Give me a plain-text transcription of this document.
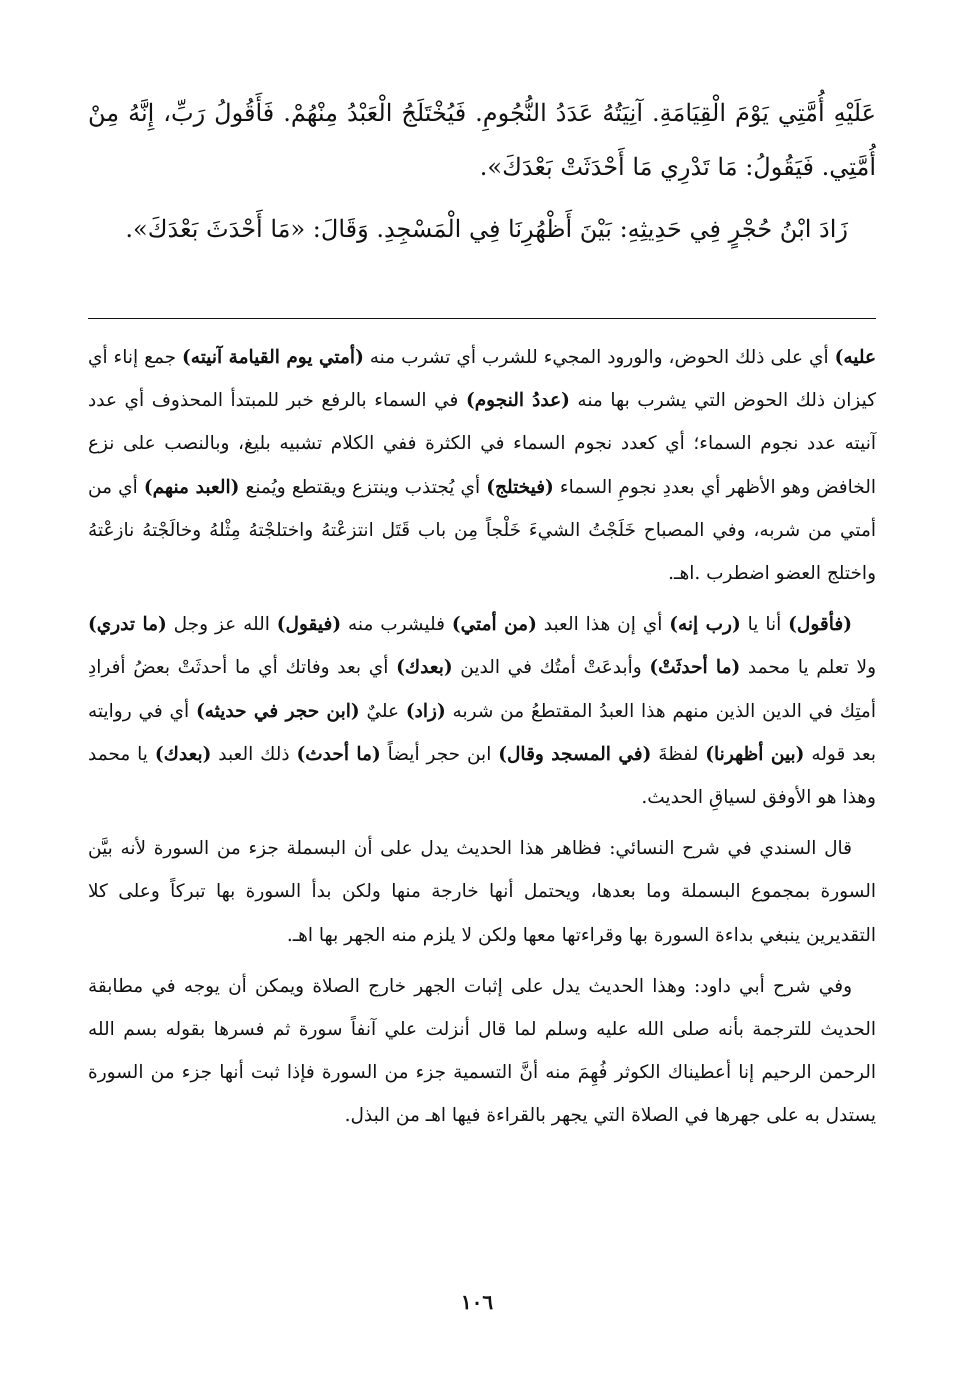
عَلَيْهِ أُمَّتِي يَوْمَ الْقِيَامَةِ. آنِيَتُهُ عَدَدُ النُّجُومِ. فَيُخْتَلَجُ الْعَبْدُ مِنْهُمْ. فَأَقُولُ رَبِّ، إِنَّهُ مِنْ أُمَّتِي. فَيَقُولُ: مَا تَدْرِي مَا أَحْدَثَتْ بَعْدَكَ».

زَادَ ابْنُ حُجْرٍ فِي حَدِيثِهِ: بَيْنَ أَظْهُرِنَا فِي الْمَسْجِدِ. وَقَالَ: «مَا أَحْدَثَ بَعْدَكَ».

عليه) أي على ذلك الحوض، والورود المجيء للشرب أي تشرب منه (أمتي يوم القيامة آنيته) جمع إناء أي كيزان ذلك الحوض التي يشرب بها منه (عددُ النجوم) في السماء بالرفع خبر للمبتدأ المحذوف أي عدد آنيته عدد نجوم السماء؛ أي كعدد نجوم السماء في الكثرة ففي الكلام تشبيه بليغ، وبالنصب على نزع الخافض وهو الأظهر أي بعددِ نجومِ السماء (فيختلج) أي يُجتذب وينتزع ويقتطع ويُمنع (العبد منهم) أي من أمتي من شربه، وفي المصباح خَلَجْتُ الشيءَ خَلْجاً مِن باب قَتَل انتزعْتهُ واختلجْتهُ مِثْلهُ وخالَجْتهُ نازعْتهُ واختلج العضو اضطرب .اهـ.

(فأقول) أنا يا (رب إنه) أي إن هذا العبد (من أمتي) فليشرب منه (فيقول) الله عز وجل (ما تدري) ولا تعلم يا محمد (ما أحدثَتْ) وأبدعَتْ أمتُك في الدين (بعدك) أي بعد وفاتك أي ما أحدثَتْ بعضُ أفرادِ أمتِك في الدين الذين منهم هذا العبدُ المقتطعُ من شربه (زاد) عليٌ (ابن حجر في حديثه) أي في روايته بعد قوله (بين أظهرنا) لفظةَ (في المسجد وقال) ابن حجر أيضاً (ما أحدث) ذلك العبد (بعدك) يا محمد وهذا هو الأوفق لسياقِ الحديث.

قال السندي في شرح النسائي: فظاهر هذا الحديث يدل على أن البسملة جزء من السورة لأنه بيَّن السورة بمجموع البسملة وما بعدها، ويحتمل أنها خارجة منها ولكن بدأ السورة بها تبركاً وعلى كلا التقديرين ينبغي بداءة السورة بها وقراءتها معها ولكن لا يلزم منه الجهر بها اهـ.

وفي شرح أبي داود: وهذا الحديث يدل على إثبات الجهر خارج الصلاة ويمكن أن يوجه في مطابقة الحديث للترجمة بأنه صلى الله عليه وسلم لما قال أنزلت علي آنفاً سورة ثم فسرها بقوله بسم الله الرحمن الرحيم إنا أعطيناك الكوثر فُهِمَ منه أنَّ التسمية جزء من السورة فإذا ثبت أنها جزء من السورة يستدل به على جهرها في الصلاة التي يجهر بالقراءة فيها اهـ من البذل.

١٠٦
